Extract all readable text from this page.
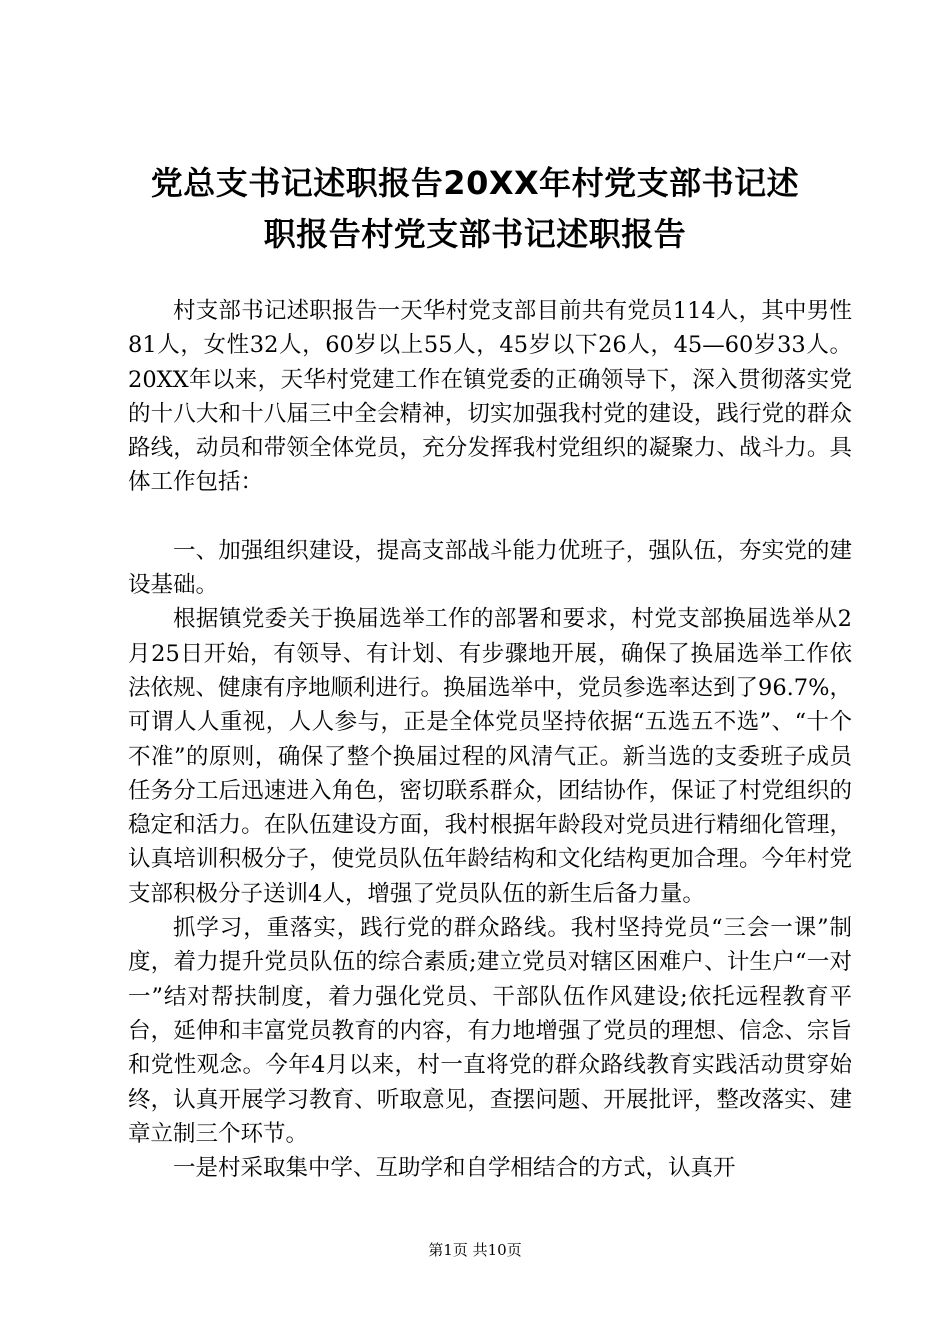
党总支书记述职报告20XX年村党支部书记述
职报告村党支部书记述职报告

村支部书记述职报告一天华村党支部目前共有党员114人，其中男性81人，女性32人，60岁以上55人，45岁以下26人，45—60岁33人。20XX年以来，天华村党建工作在镇党委的正确领导下，深入贯彻落实党的十八大和十八届三中全会精神，切实加强我村党的建设，践行党的群众路线，动员和带领全体党员，充分发挥我村党组织的凝聚力、战斗力。具体工作包括：

一、加强组织建设，提高支部战斗能力优班子，强队伍，夯实党的建设基础。

根据镇党委关于换届选举工作的部署和要求，村党支部换届选举从2月25日开始，有领导、有计划、有步骤地开展，确保了换届选举工作依法依规、健康有序地顺利进行。换届选举中，党员参选率达到了96.7%，可谓人人重视，人人参与，正是全体党员坚持依据“五选五不选”、“十个不准”的原则，确保了整个换届过程的风清气正。新当选的支委班子成员任务分工后迅速进入角色，密切联系群众，团结协作，保证了村党组织的稳定和活力。在队伍建设方面，我村根据年龄段对党员进行精细化管理，认真培训积极分子，使党员队伍年龄结构和文化结构更加合理。今年村党支部积极分子送训4人，增强了党员队伍的新生后备力量。

抓学习，重落实，践行党的群众路线。我村坚持党员“三会一课”制度，着力提升党员队伍的综合素质;建立党员对辖区困难户、计生户“一对一”结对帮扶制度，着力强化党员、干部队伍作风建设;依托远程教育平台，延伸和丰富党员教育的内容，有力地增强了党员的理想、信念、宗旨和党性观念。今年4月以来，村一直将党的群众路线教育实践活动贯穿始终，认真开展学习教育、听取意见，查摆问题、开展批评，整改落实、建章立制三个环节。

一是村采取集中学、互助学和自学相结合的方式，认真开

第1页 共10页
